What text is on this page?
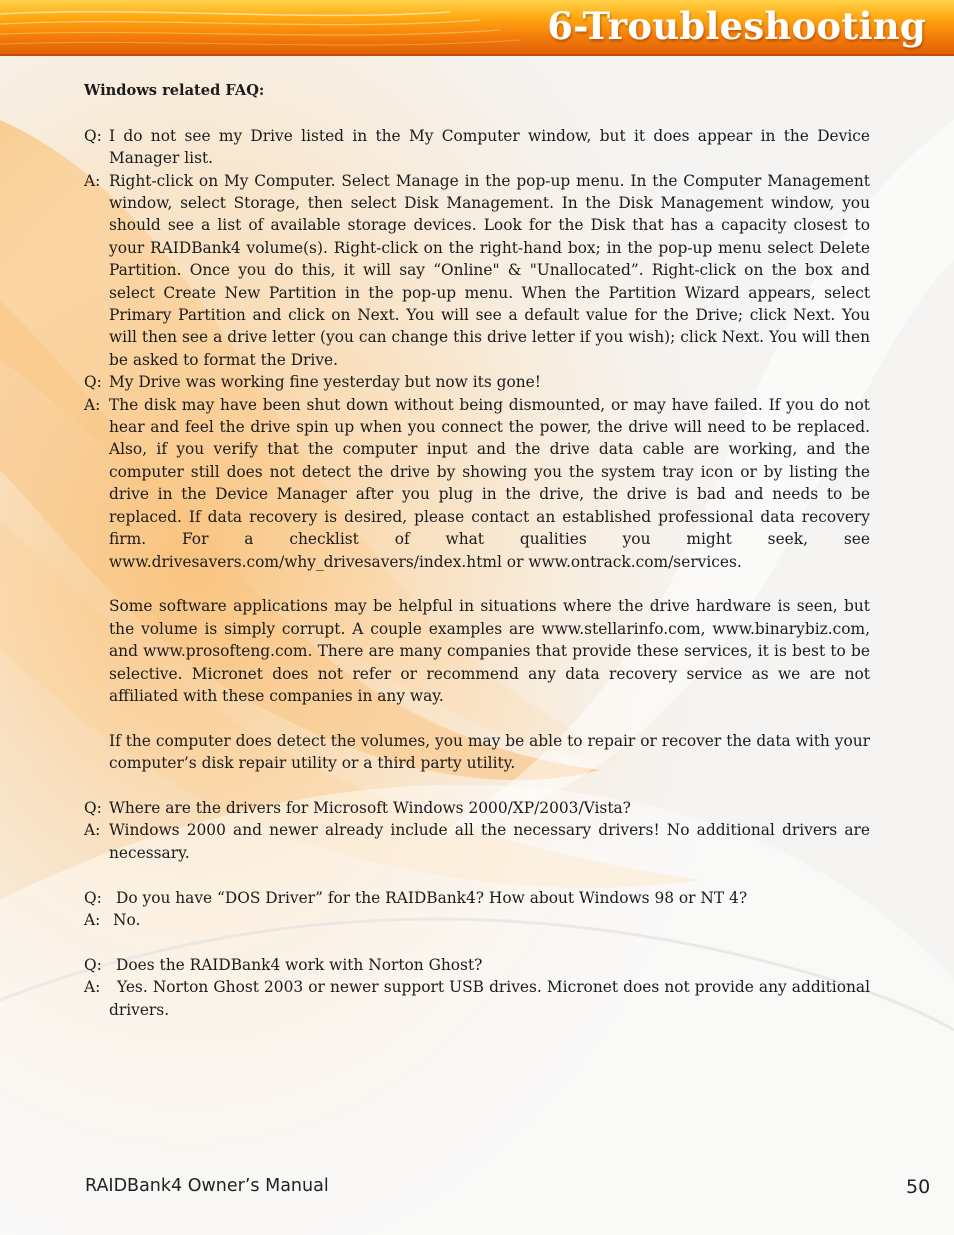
6-Troubleshooting
Windows related FAQ:
Q: I do not see my Drive listed in the My Computer window, but it does appear in the Device Manager list.
A: Right-click on My Computer. Select Manage in the pop-up menu. In the Computer Management window, select Storage, then select Disk Management. In the Disk Management window, you should see a list of available storage devices. Look for the Disk that has a capacity closest to your RAIDBank4 volume(s). Right-click on the right-hand box; in the pop-up menu select Delete Partition. Once you do this, it will say “Online" & "Unallocated”. Right-click on the box and select Create New Partition in the pop-up menu. When the Partition Wizard appears, select Primary Partition and click on Next. You will see a default value for the Drive; click Next. You will then see a drive letter (you can change this drive letter if you wish); click Next. You will then be asked to format the Drive.
Q: My Drive was working fine yesterday but now its gone!
A: The disk may have been shut down without being dismounted, or may have failed. If you do not hear and feel the drive spin up when you connect the power, the drive will need to be replaced. Also, if you verify that the computer input and the drive data cable are working, and the computer still does not detect the drive by showing you the system tray icon or by listing the drive in the Device Manager after you plug in the drive, the drive is bad and needs to be replaced. If data recovery is desired, please contact an established professional data recovery firm. For a checklist of what qualities you might seek, see www.drivesavers.com/why_drivesavers/index.html or www.ontrack.com/services.
Some software applications may be helpful in situations where the drive hardware is seen, but the volume is simply corrupt. A couple examples are www.stellarinfo.com, www.binarybiz.com, and www.prosofteng.com. There are many companies that provide these services, it is best to be selective. Micronet does not refer or recommend any data recovery service as we are not affiliated with these companies in any way.
If the computer does detect the volumes, you may be able to repair or recover the data with your computer’s disk repair utility or a third party utility.
Q: Where are the drivers for Microsoft Windows 2000/XP/2003/Vista?
A: Windows 2000 and newer already include all the necessary drivers! No additional drivers are necessary.
Q: Do you have “DOS Driver” for the RAIDBank4? How about Windows 98 or NT 4?
A: No.
Q: Does the RAIDBank4 work with Norton Ghost?
A: Yes. Norton Ghost 2003 or newer support USB drives. Micronet does not provide any additional drivers.
RAIDBank4 Owner’s Manual	50
